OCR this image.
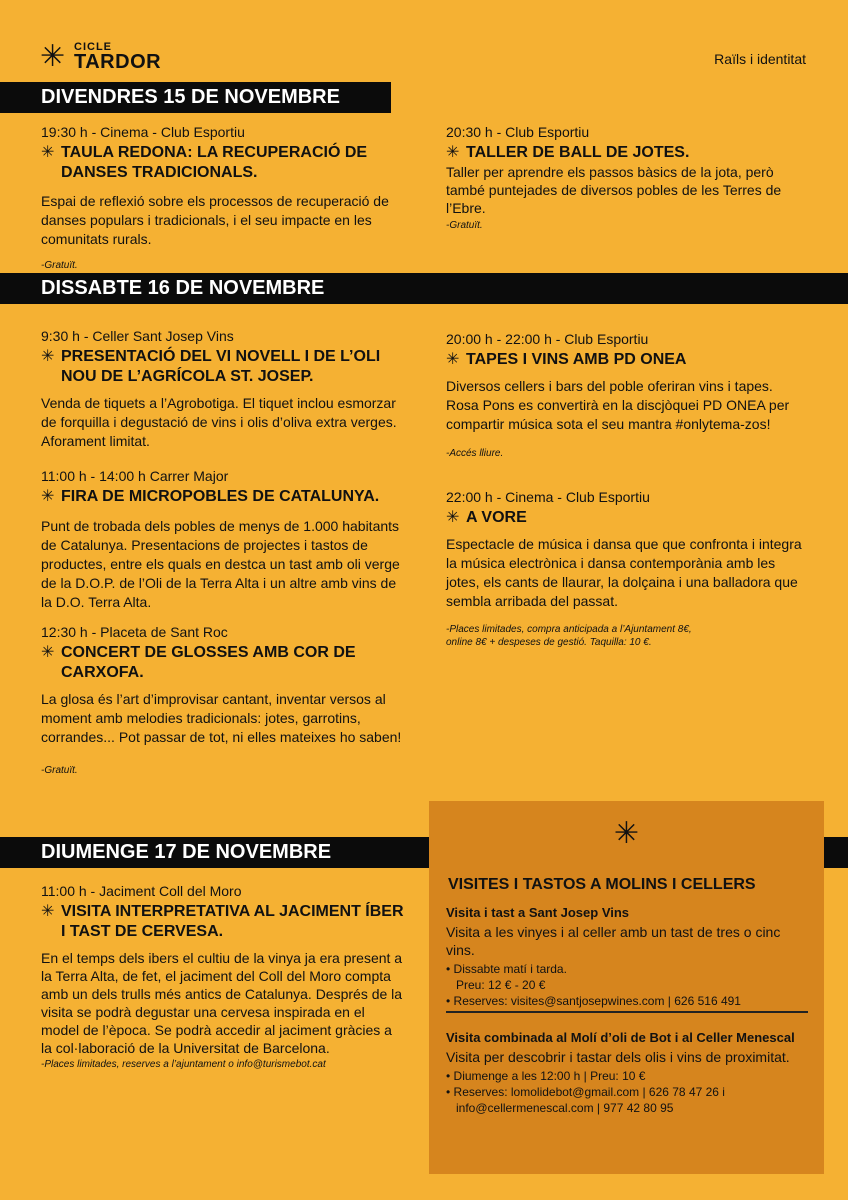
✳ CICLE
TARDOR	Raïls i identitat
DIVENDRES 15 DE NOVEMBRE
DISSABTE 16 DE NOVEMBRE
DIUMENGE 17 DE NOVEMBRE

19:30 h - Cinema - Club Esportiu

✳ TAULA REDONA: LA RECUPERACIÓ DE DANSES TRADICIONALS.

Espai de reflexió sobre els processos de recuperació de danses populars i tradicionals, i el seu impacte en les comunitats rurals.

-Gratuït.

20:30 h - Club Esportiu

✳ TALLER DE BALL DE JOTES.

Taller per aprendre els passos bàsics de la jota, però també puntejades de diversos pobles de les Terres de l’Ebre.

-Gratuït.

9:30 h - Celler Sant Josep Vins

✳ PRESENTACIÓ DEL VI NOVELL I DE L’OLI NOU DE L’AGRÍCOLA ST. JOSEP.

Venda de tiquets a l’Agrobotiga. El tiquet inclou esmorzar de forquilla i degustació de vins i olis d’oliva extra verges. Aforament limitat.

11:00 h - 14:00 h Carrer Major

✳ FIRA DE MICROPOBLES DE CATALUNYA.

Punt de trobada dels pobles de menys de 1.000 habitants de Catalunya. Presentacions de projectes i tastos de productes, entre els quals en destca un tast amb oli verge de la D.O.P. de l’Oli de la Terra Alta i un altre amb vins de la D.O. Terra Alta.

12:30 h - Placeta de Sant Roc

✳ CONCERT DE GLOSSES AMB COR DE CARXOFA.

La glosa és l’art d’improvisar cantant, inventar versos al moment amb melodies tradicionals: jotes, garrotins, corrandes... Pot passar de tot, ni elles mateixes ho saben!

-Gratuït.

20:00 h - 22:00 h - Club Esportiu

✳ TAPES I VINS AMB PD ONEA

Diversos cellers i bars del poble oferiran vins i tapes. Rosa Pons es convertirà en la discjòquei PD ONEA per compartir música sota el seu mantra #onlytema-zos!

-Accés lliure.

22:00 h - Cinema - Club Esportiu

✳ A VORE

Espectacle de música i dansa que que confronta i integra la música electrònica i dansa contemporània amb les jotes, els cants de llaurar, la dolçaina i una balladora que sembla arribada del passat.

-Places limitades, compra anticipada a l’Ajuntament 8€,
online 8€ + despeses de gestió. Taquilla: 10 €.

11:00 h - Jaciment Coll del Moro

✳ VISITA INTERPRETATIVA AL JACIMENT ÍBER I TAST DE CERVESA.

En el temps dels ibers el cultiu de la vinya ja era present a la Terra Alta, de fet, el jaciment del Coll del Moro compta amb un dels trulls més antics de Catalunya. Després de la visita se podrà degustar una cervesa inspirada en el model de l’època. Se podrà accedir al jaciment gràcies a la col·laboració de la Universitat de Barcelona.

-Places limitades, reserves a l’ajuntament o info@turismebot.cat

✳
VISITES I TASTOS A MOLINS I CELLERS

Visita i tast a Sant Josep Vins

Visita a les vinyes i al celler amb un tast de tres o cinc vins.

• Dissabte matí i tarda.

Preu: 12 € - 20 €

• Reserves: visites@santjosepwines.com | 626 516 491

Visita combinada al Molí d’oli de Bot i al Celler Menescal

Visita per descobrir i tastar dels olis i vins de proximitat.

• Diumenge a les 12:00 h | Preu: 10 €

• Reserves: lomolidebot@gmail.com | 626 78 47 26 i

info@cellermenescal.com | 977 42 80 95
